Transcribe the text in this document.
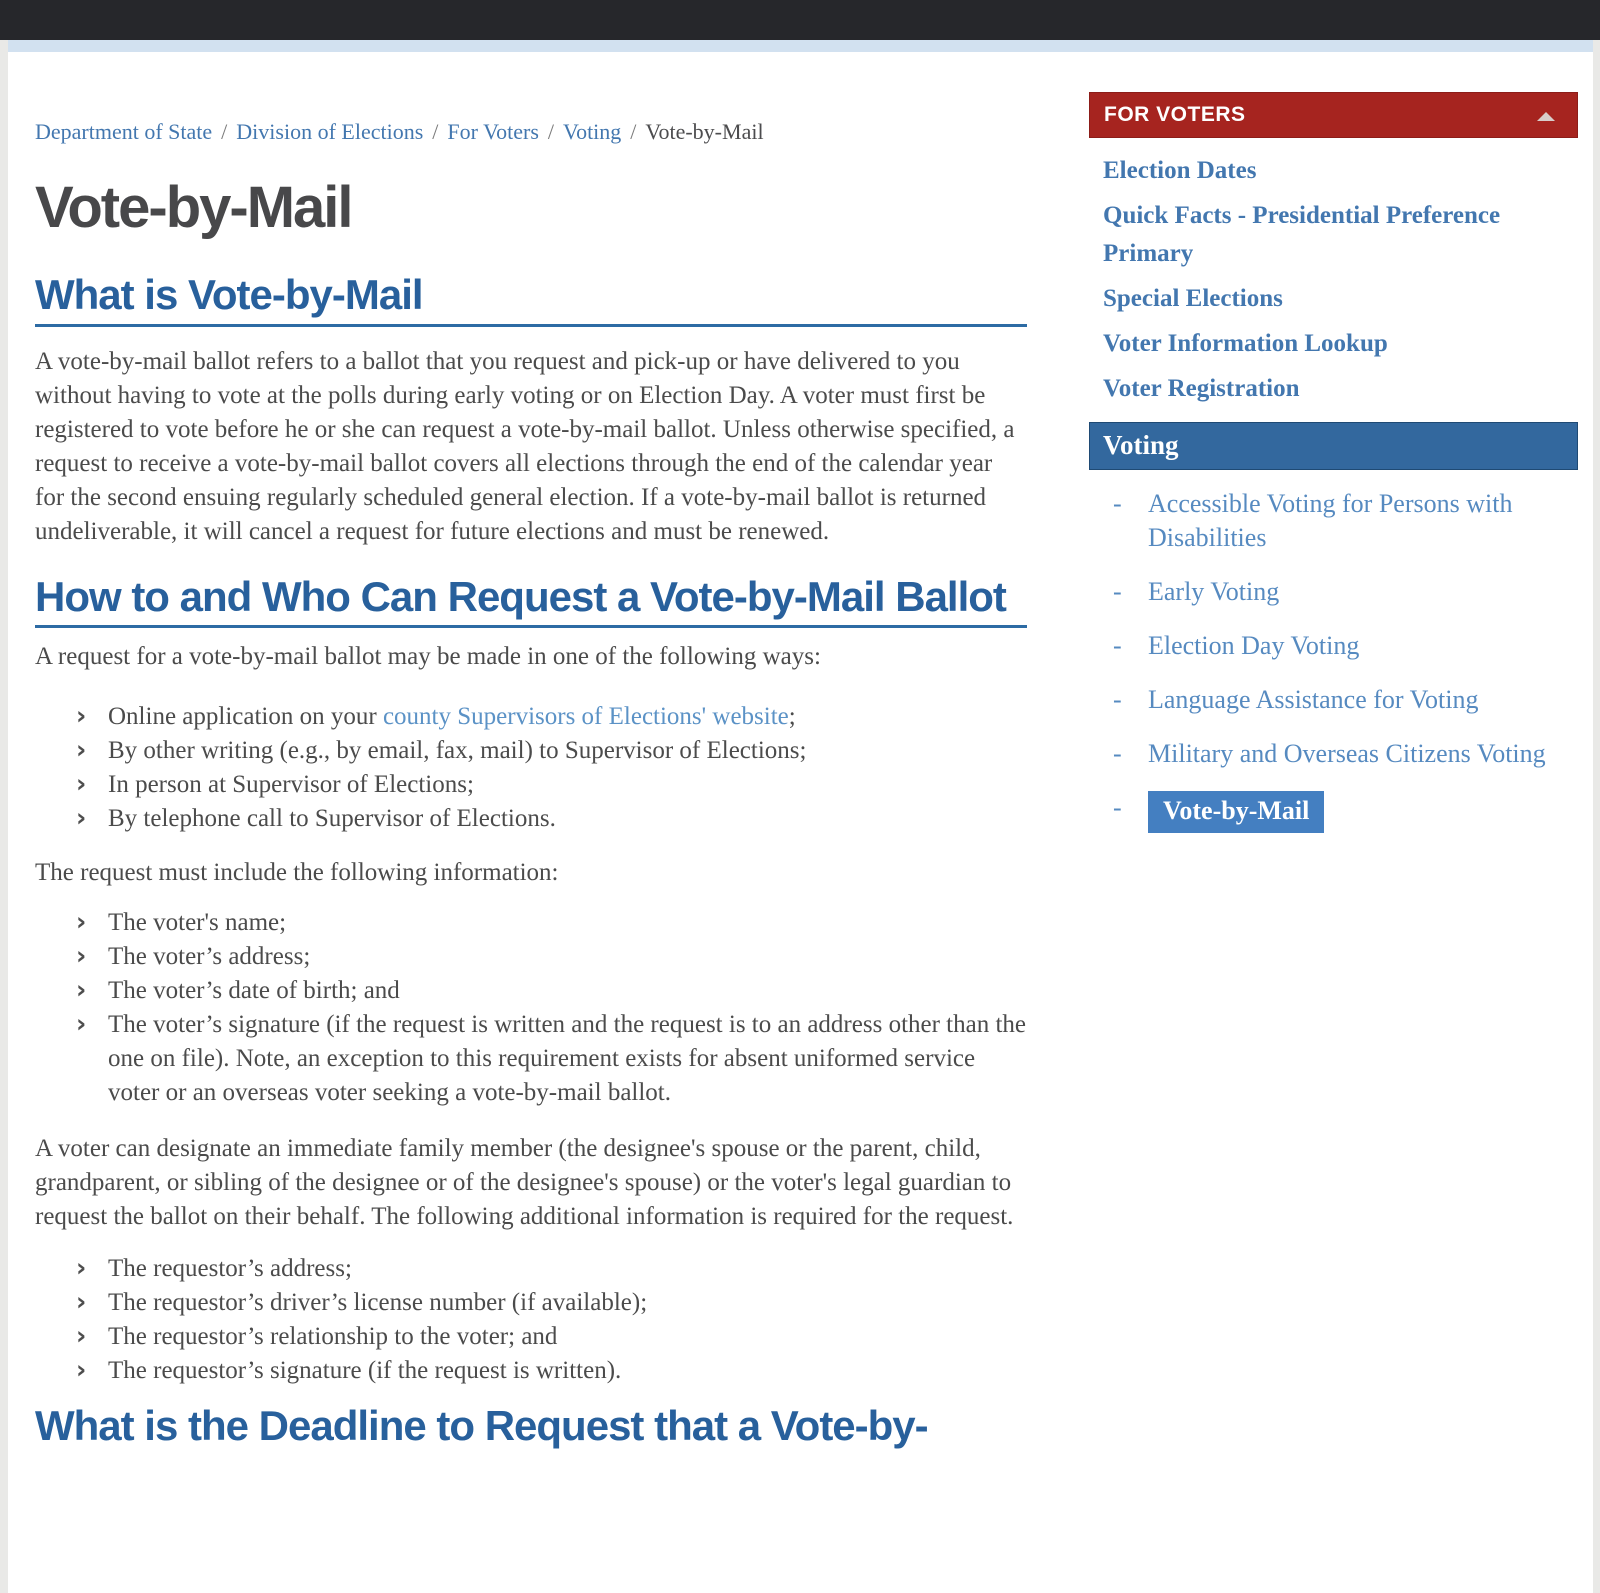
Department of State / Division of Elections / For Voters / Voting / Vote-by-Mail
Vote-by-Mail
What is Vote-by-Mail

A vote-by-mail ballot refers to a ballot that you request and pick-up or have delivered to you without having to vote at the polls during early voting or on Election Day. A voter must first be registered to vote before he or she can request a vote-by-mail ballot. Unless otherwise specified, a request to receive a vote-by-mail ballot covers all elections through the end of the calendar year for the second ensuing regularly scheduled general election. If a vote-by-mail ballot is returned undeliverable, it will cancel a request for future elections and must be renewed.

How to and Who Can Request a Vote-by-Mail Ballot

A request for a vote-by-mail ballot may be made in one of the following ways:

› Online application on your county Supervisors of Elections' website;
› By other writing (e.g., by email, fax, mail) to Supervisor of Elections;
› In person at Supervisor of Elections;
› By telephone call to Supervisor of Elections.

The request must include the following information:

› The voter's name;
› The voter’s address;
› The voter’s date of birth; and
› The voter’s signature (if the request is written and the request is to an address other than the one on file). Note, an exception to this requirement exists for absent uniformed service voter or an overseas voter seeking a vote-by-mail ballot.

A voter can designate an immediate family member (the designee's spouse or the parent, child, grandparent, or sibling of the designee or of the designee's spouse) or the voter's legal guardian to request the ballot on their behalf. The following additional information is required for the request.

› The requestor’s address;
› The requestor’s driver’s license number (if available);
› The requestor’s relationship to the voter; and
› The requestor’s signature (if the request is written).
What is the Deadline to Request that a Vote-by-
FOR VOTERS
Election Dates
Quick Facts - Presidential Preference Primary
Special Elections
Voter Information Lookup
Voter Registration
Voting
- Accessible Voting for Persons with Disabilities
- Early Voting
- Election Day Voting
- Language Assistance for Voting
- Military and Overseas Citizens Voting
- Vote-by-Mail
